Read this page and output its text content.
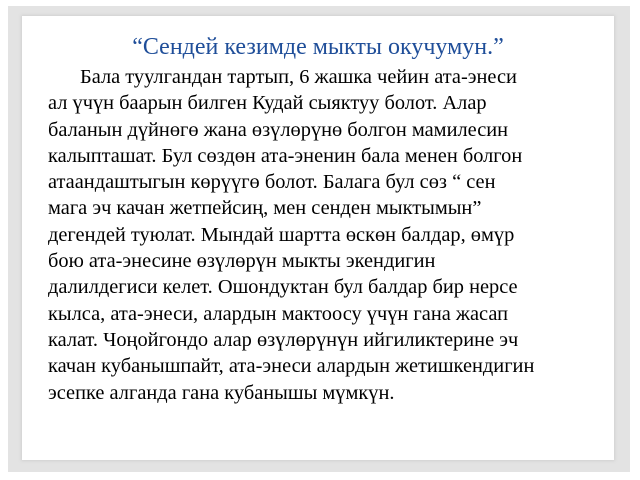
“Сендей кезимде мыкты окучумун.”
Бала туулгандан тартып, 6 жашка чейин ата-энеси
ал үчүн баарын билген Кудай сыяктуу болот. Алар
баланын дүйнөгө жана өзүлөрүнө болгон мамилесин
калыпташат. Бул сөздөн ата-эненин бала менен болгон
атаандаштыгын көрүүгө болот. Балага бул сөз “ сен
мага эч качан жетпейсиң, мен сенден мыктымын”
дегендей туюлат. Мындай шартта өскөн балдар, өмүр
бою ата-энесине өзүлөрүн мыкты экендигин
далилдегиси келет. Ошондуктан бул балдар бир нерсе
кылса, ата-энеси, алардын мактоосу үчүн гана жасап
калат. Чоңойгондо алар өзүлөрүнүн ийгиликтерине эч
качан кубанышпайт, ата-энеси алардын жетишкендигин
эсепке алганда гана кубанышы мүмкүн.
